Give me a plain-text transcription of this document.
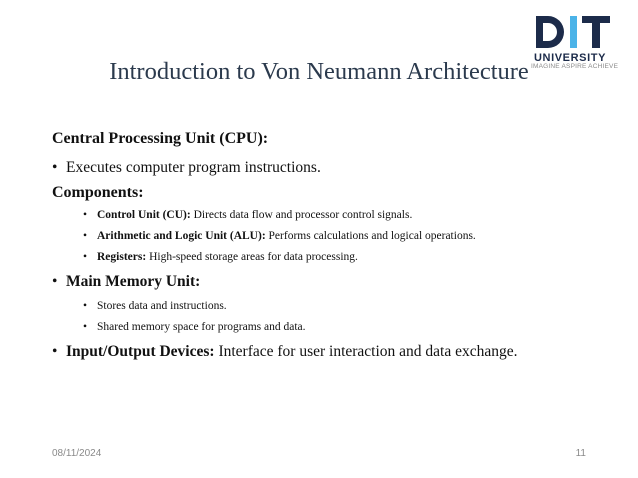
UNIVERSITY
IMAGINE ASPIRE ACHIEVE
Introduction to Von Neumann Architecture
Central Processing Unit (CPU):
• Executes computer program instructions.
Components:
• Control Unit (CU): Directs data flow and processor control signals.
• Arithmetic and Logic Unit (ALU): Performs calculations and logical operations.
• Registers: High-speed storage areas for data processing.
• Main Memory Unit:
• Stores data and instructions.
• Shared memory space for programs and data.
• Input/Output Devices: Interface for user interaction and data exchange.
08/11/2024	11
